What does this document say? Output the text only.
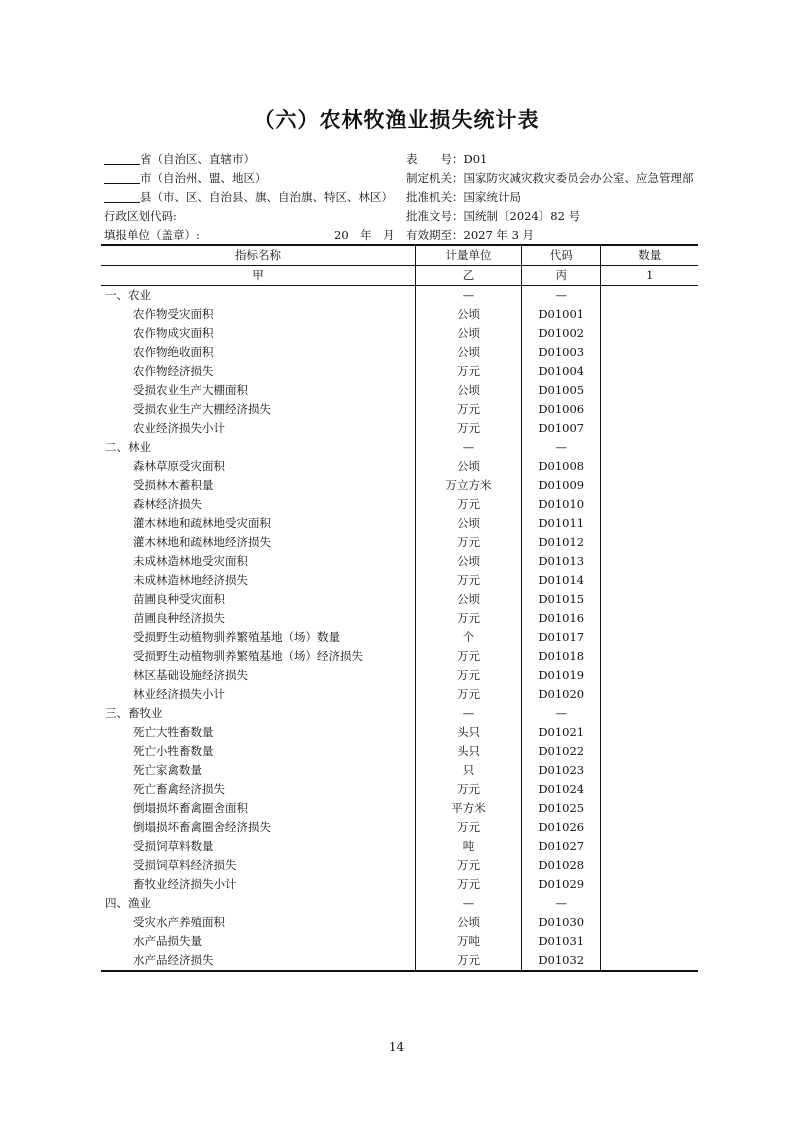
（六）农林牧渔业损失统计表
省（自治区、直辖市）	表　　号：D01
市（自治州、盟、地区）	制定机关：国家防灾减灾救灾委员会办公室、应急管理部
县（市、区、自治县、旗、自治旗、特区、林区） 批准机关：国家统计局
行政区划代码:	批准文号：国统制〔2024〕82 号
填报单位（盖章）:	20　年　月 有效期至：2027 年 3 月
指标名称	计量单位	代码	数量
甲	乙	丙	1
一、农业	—	—	
农作物受灾面积	公顷	D01001	
农作物成灾面积	公顷	D01002	
农作物绝收面积	公顷	D01003	
农作物经济损失	万元	D01004	
受损农业生产大棚面积	公顷	D01005	
受损农业生产大棚经济损失	万元	D01006	
农业经济损失小计	万元	D01007	
二、林业	—	—	
森林草原受灾面积	公顷	D01008	
受损林木蓄积量	万立方米	D01009	
森林经济损失	万元	D01010	
灌木林地和疏林地受灾面积	公顷	D01011	
灌木林地和疏林地经济损失	万元	D01012	
未成林造林地受灾面积	公顷	D01013	
未成林造林地经济损失	万元	D01014	
苗圃良种受灾面积	公顷	D01015	
苗圃良种经济损失	万元	D01016	
受损野生动植物驯养繁殖基地（场）数量	个	D01017	
受损野生动植物驯养繁殖基地（场）经济损失	万元	D01018	
林区基础设施经济损失	万元	D01019	
林业经济损失小计	万元	D01020	
三、畜牧业	—	—	
死亡大牲畜数量	头只	D01021	
死亡小牲畜数量	头只	D01022	
死亡家禽数量	只	D01023	
死亡畜禽经济损失	万元	D01024	
倒塌损坏畜禽圈舍面积	平方米	D01025	
倒塌损坏畜禽圈舍经济损失	万元	D01026	
受损饲草料数量	吨	D01027	
受损饲草料经济损失	万元	D01028	
畜牧业经济损失小计	万元	D01029	
四、渔业	—	—	
受灾水产养殖面积	公顷	D01030	
水产品损失量	万吨	D01031	
水产品经济损失	万元	D01032	
14
